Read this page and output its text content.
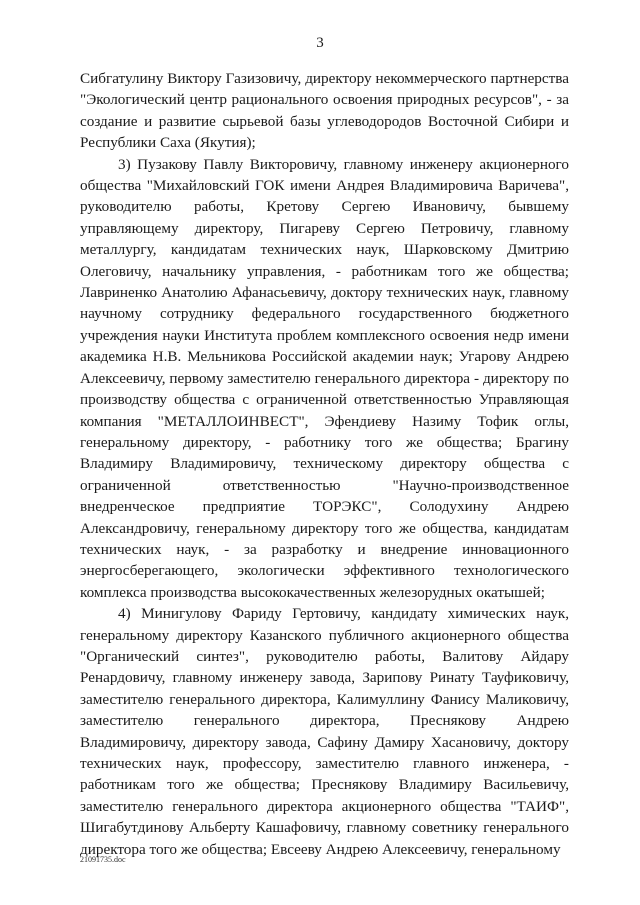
3

Сибгатулину Виктору Газизовичу, директору некоммерческого партнерства "Экологический центр рационального освоения природных ресурсов", - за создание и развитие сырьевой базы углеводородов Восточной Сибири и Республики Саха (Якутия);

3) Пузакову Павлу Викторовичу, главному инженеру акционерного общества "Михайловский ГОК имени Андрея Владимировича Варичева", руководителю работы, Кретову Сергею Ивановичу, бывшему управляющему директору, Пигареву Сергею Петровичу, главному металлургу, кандидатам технических наук, Шарковскому Дмитрию Олеговичу, начальнику управления, - работникам того же общества; Лавриненко Анатолию Афанасьевичу, доктору технических наук, главному научному сотруднику федерального государственного бюджетного учреждения науки Института проблем комплексного освоения недр имени академика Н.В. Мельникова Российской академии наук; Угарову Андрею Алексеевичу, первому заместителю генерального директора - директору по производству общества с ограниченной ответственностью Управляющая компания "МЕТАЛЛОИНВЕСТ", Эфендиеву Назиму Тофик оглы, генеральному директору, - работнику того же общества; Брагину Владимиру Владимировичу, техническому директору общества с ограниченной ответственностью "Научно-производственное внедренческое предприятие ТОРЭКС", Солодухину Андрею Александровичу, генеральному директору того же общества, кандидатам технических наук, - за разработку и внедрение инновационного энергосберегающего, экологически эффективного технологического комплекса производства высококачественных железорудных окатышей;

4) Минигулову Фариду Гертовичу, кандидату химических наук, генеральному директору Казанского публичного акционерного общества "Органический синтез", руководителю работы, Валитову Айдару Ренардовичу, главному инженеру завода, Зарипову Ринату Тауфиковичу, заместителю генерального директора, Калимуллину Фанису Маликовичу, заместителю генерального директора, Преснякову Андрею Владимировичу, директору завода, Сафину Дамиру Хасановичу, доктору технических наук, профессору, заместителю главного инженера, - работникам того же общества; Преснякову Владимиру Васильевичу, заместителю генерального директора акционерного общества "ТАИФ", Шигабутдинову Альберту Кашафовичу, главному советнику генерального директора того же общества; Евсееву Андрею Алексеевичу, генеральному

21091735.doc
